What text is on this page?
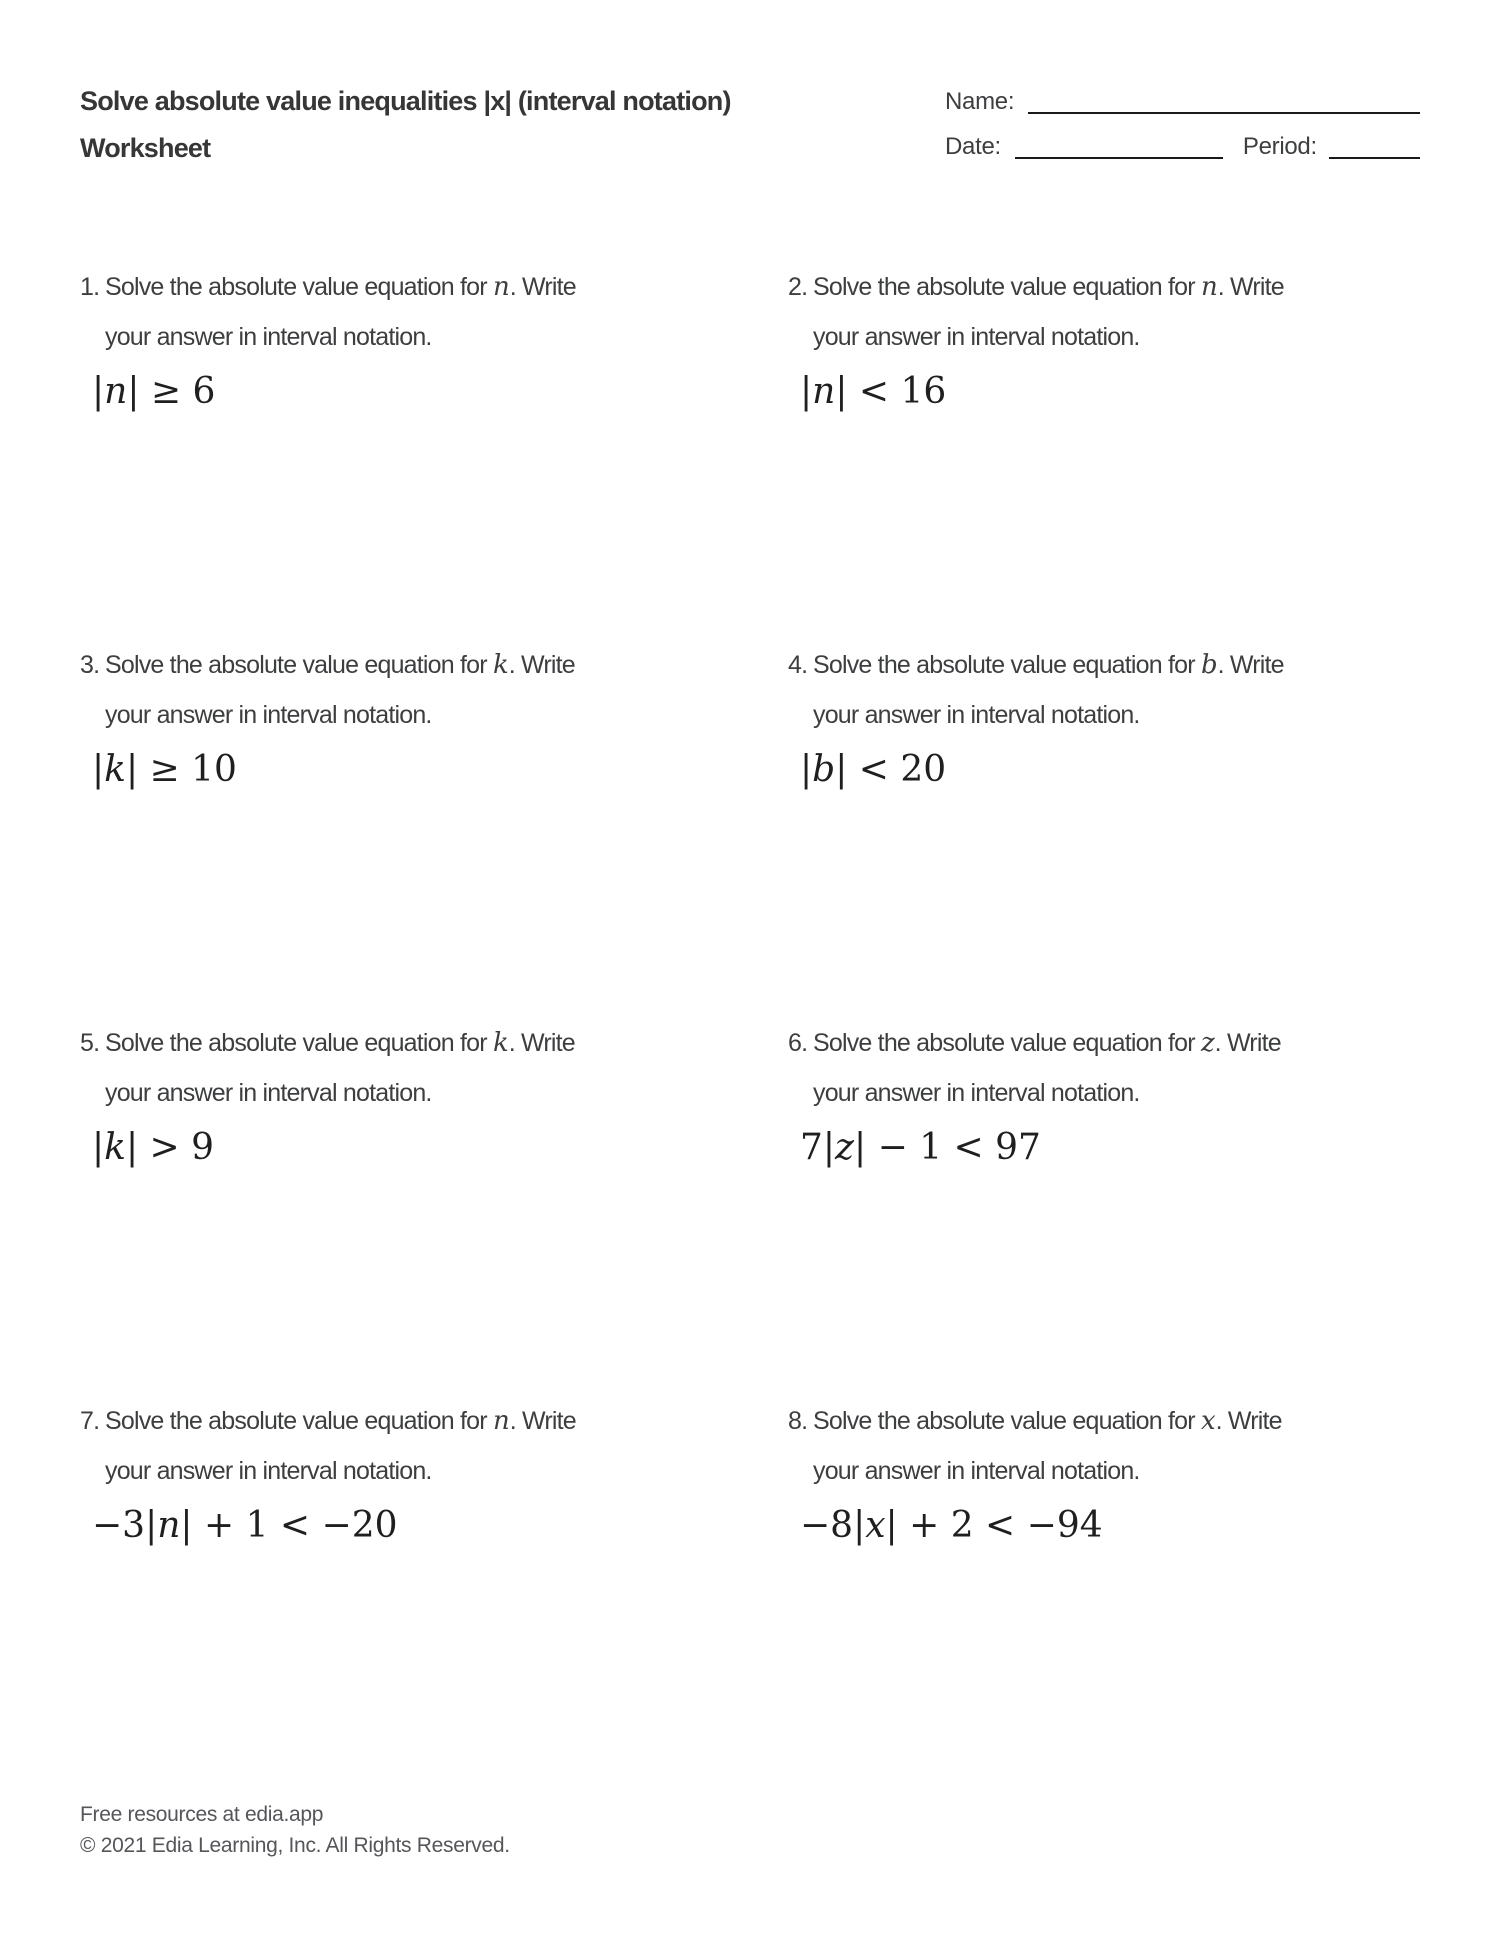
Solve absolute value inequalities |x| (interval notation)
Worksheet
Name:
Date:	Period:
1. Solve the absolute value equation for n. Write your answer in interval notation.

|n| ≥ 6
2. Solve the absolute value equation for n. Write your answer in interval notation.

|n| < 16
3. Solve the absolute value equation for k. Write your answer in interval notation.

|k| ≥ 10
4. Solve the absolute value equation for b. Write your answer in interval notation.

|b| < 20
5. Solve the absolute value equation for k. Write your answer in interval notation.

|k| > 9
6. Solve the absolute value equation for z. Write your answer in interval notation.

7|z| − 1 < 97
7. Solve the absolute value equation for n. Write your answer in interval notation.

−3|n| + 1 < −20
8. Solve the absolute value equation for x. Write your answer in interval notation.

−8|x| + 2 < −94
Free resources at edia.app
© 2021 Edia Learning, Inc. All Rights Reserved.
